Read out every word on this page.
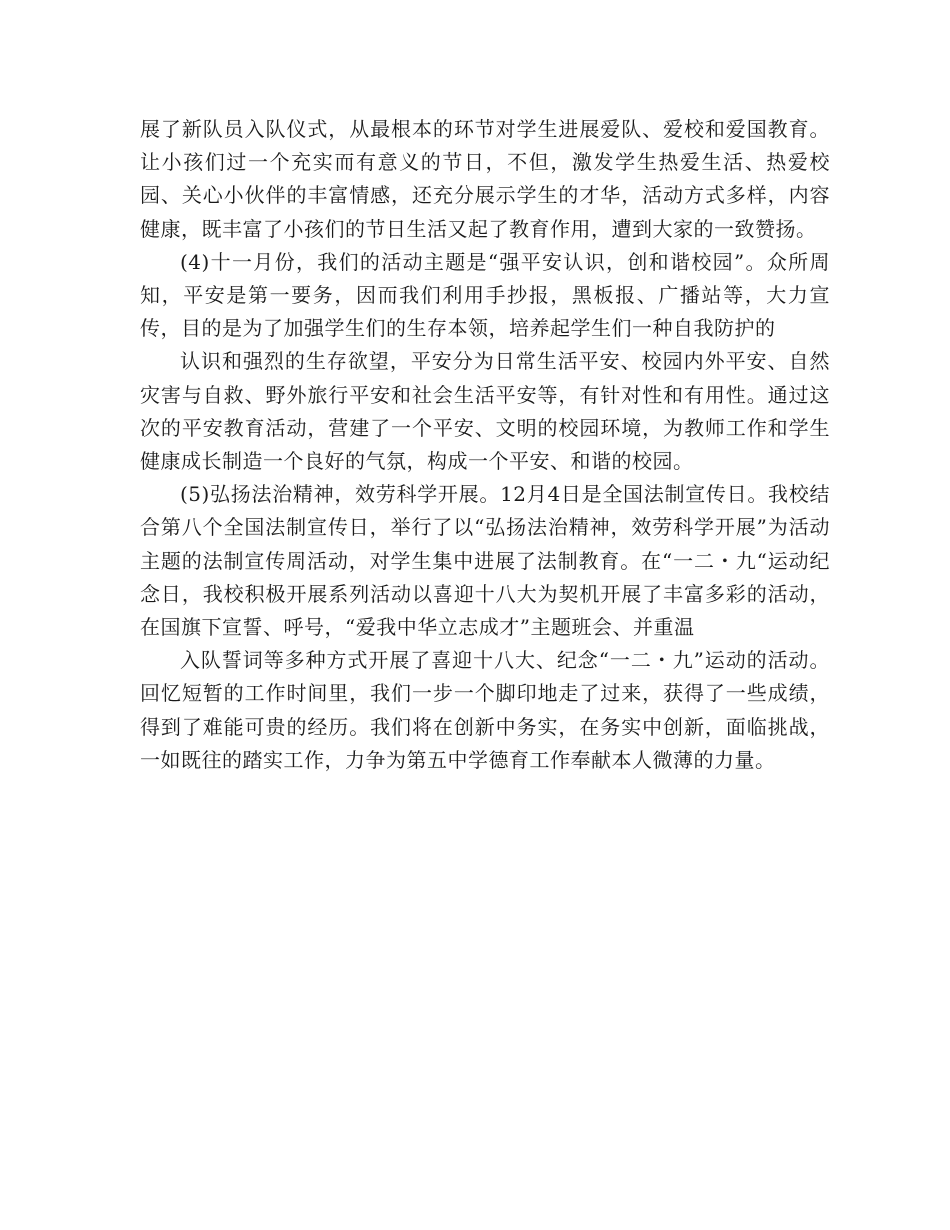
展了新队员入队仪式，从最根本的环节对学生进展爱队、爱校和爱国教育。让小孩们过一个充实而有意义的节日，不但，激发学生热爱生活、热爱校园、关心小伙伴的丰富情感，还充分展示学生的才华，活动方式多样，内容健康，既丰富了小孩们的节日生活又起了教育作用，遭到大家的一致赞扬。

(4)十一月份，我们的活动主题是“强平安认识，创和谐校园”。众所周知，平安是第一要务，因而我们利用手抄报，黑板报、广播站等，大力宣传，目的是为了加强学生们的生存本领，培养起学生们一种自我防护的

认识和强烈的生存欲望，平安分为日常生活平安、校园内外平安、自然灾害与自救、野外旅行平安和社会生活平安等，有针对性和有用性。通过这次的平安教育活动，营建了一个平安、文明的校园环境，为教师工作和学生健康成长制造一个良好的气氛，构成一个平安、和谐的校园。

(5)弘扬法治精神，效劳科学开展。12月4日是全国法制宣传日。我校结合第八个全国法制宣传日，举行了以“弘扬法治精神，效劳科学开展”为活动主题的法制宣传周活动，对学生集中进展了法制教育。在“一二・九“运动纪念日，我校积极开展系列活动以喜迎十八大为契机开展了丰富多彩的活动，在国旗下宣誓、呼号，“爱我中华立志成才”主题班会、并重温

入队誓词等多种方式开展了喜迎十八大、纪念“一二・九”运动的活动。 回忆短暂的工作时间里，我们一步一个脚印地走了过来，获得了一些成绩，得到了难能可贵的经历。我们将在创新中务实，在务实中创新，面临挑战，一如既往的踏实工作，力争为第五中学德育工作奉献本人微薄的力量。
